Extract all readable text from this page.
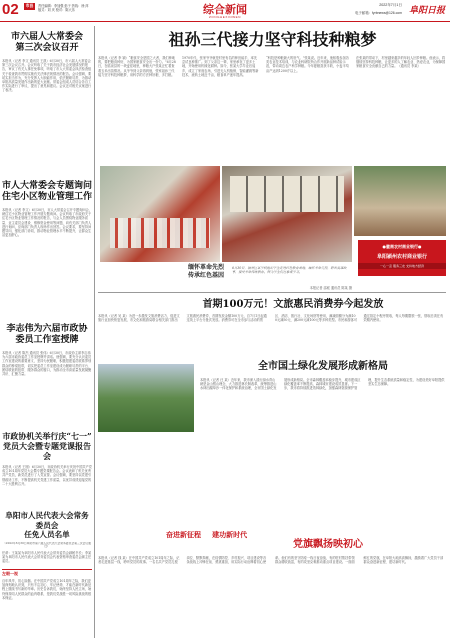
02	市县	责任编辑：李加强 彭子 热线：徐 萍
版式：刘 庆 校对：陈大乐	综合新闻
ZONGHEXINWEN
2022年7月1日
电子邮箱：fyrbnews@126.com 阜阳日报
市六届人大常委会
第三次会议召开
本报讯（记者 李文 通讯员 王凯）6月30日，市六届人大常委会第三次会议召开。会议听取了关于我市经济社会发展情况的报告，审议了有关人事任免事项，听取了市人大常委会执法检查组关于检查我市贯彻实施有关法律法规情况的报告。会议强调，要切实担当作为，充分发挥人大职能作用，依法履职尽责，为推动阜阳高质量发展作出新的更大贡献。常委会组成人员结合各自工作实际进行了审议，提出了意见和建议。会议还对相关议案进行了表决。
市人大常委会专题询问
住宅小区物业管理工作
本报讯（记者 李文）6月30日，市人大常委会召开专题询问会，就住宅小区物业管理工作开展专题询问。会议听取了市政府关于住宅小区物业管理工作情况的报告，与会人员围绕物业服务质量、业主委员会建设、维修资金使用等问题，向有关部门负责人进行询问，应询部门负责人现场作出回答。会议要求，要坚持问题导向，强化部门协同，推动物业管理水平不断提升，让群众生活更加舒心。
李志伟为六届市政协
委员工作室授牌
本报讯（记者 陈杰 通讯员 张伟）6月30日，市政协主席李志伟为六届市政协委员工作室授牌并讲话。他强调，要充分认识委员工作室建设的重要意义，坚持为民履职，积极搭建委员联系界别群众的桥梁纽带，切实把委员工作室建设成为履职尽责的平台、团结联谊的纽带、服务群众的窗口，为推动全市高质量发展凝聚共识、汇聚力量。
市政协机关举行庆“七一”
党员大会暨专题党课报告会
本报讯（记者 王刚）6月30日，市政协机关举行庆祝中国共产党成立101周年党员大会暨专题党课报告会。会议表彰了机关优秀共产党员，新党员进行了入党宣誓。会议强调，要坚持以党建引领政协工作，不断提高机关党建工作质量，以优异成绩迎接党的二十大胜利召开。
阜阳市人民代表大会常务委员会
任免人员名单
（2022年6月30日阜阳市第六届人民代表大会常务委员会第三次会议通过）
任命：王某某为阜阳市人民代表大会常务委员会副秘书长；李某某为阜阳市人民代表大会常务委员会代表资格审查委员会副主任委员。
左眼一视
百年风华，初心如磐。在中国共产党成立101周年之际，我们更加深刻地认识到，只有不忘初心、牢记使命，才能在新时代新征程上继续书写新的华章。历史告诉我们，始终坚持人民立场，始终保持同人民群众的血肉联系，是我们党战胜一切风险挑战的根本保证。
祖孙三代接力坚守科技种粮梦
本报讯（记者 李 颖）“粮食安全是国之大者，我们种地的，要把粮食种好，为国家粮食安全出一份力。”6月28日，在临泉县的一块麦茬地里，种粮大户张某正忙着查看玉米出苗情况。从爷爷到父亲再到他，张家祖孙三代接力坚守科技种粮梦，用科学的方法种好粮、多打粮。
1970年代，张家爷爷就是村里有名的种田能手，率先尝试良种推广。到了父亲这一辈，家里承包了更多土地，开始使用机械化耕种。如今，张某大学毕业后返乡，成立了家庭农场，引进无人机植保、智能灌溉等新技术，流转土地近千亩，粮食单产逐年提高。
“科技是种粮最大的底气。”张某说。近年来，他积极参加各类农业技术培训，与农业科研院所合作开展新品种试验示范，带动周边农户科学种粮。今年夏粮喜获丰收，小麦平均亩产达到1200斤以上。
在张某的带动下，村里越来越多的年轻人回乡种粮。他表示，将继续坚持科技种粮，让更多的人了解农业、热爱农业，为保障国家粮食安全贡献自己的力量。（通讯员 李某）
缅怀革命先烈
传承红色基因
6月30日，颍州区某学校组织学生走进红色教育基地，缅怀革命先烈，聆听英雄故事，接受革命传统教育。图为学生们在参观学习。
本报记者 邵庭 通讯员 陈某 摄
●徽商农村商业银行●
阜阳颍州农村商业银行
一心一意 服务三农 支持地方经济
首期100万元！文旅惠民消费券今起发放
本报讯（记者 吴 某）为进一步激发文旅消费活力，促进文旅行业加快恢复发展，市文化和旅游局联合相关部门推出文旅惠民消费券，首期发放金额100万元，自7月1日起通过线上平台分批次发放。消费券可在全市参与活动的景区、酒店、旅行社、文化场馆等使用，满减面额分为满100元减50元、满200元减100元等多种类型。市民和游客可通过指定小程序领取，每人每期限领一张，领取后须在有效期内使用。
全市国土绿化发展形成新格局
本报讯（记者 汪 某）近年来，我市深入践行绿水青山就是金山银山理念，大力推进林长制改革，统筹推进山水林田湖草沙一体化保护和系统治理，全市国土绿化发展形成新格局。全市森林覆盖率稳步提升，城市建成区绿化覆盖率不断提高，森林城市建设成效显著。下一步，我市将持续推进造林绿化，加强森林资源保护管理，提升生态系统质量和稳定性，为建设美好阜阳提供坚实生态保障。
奋进新征程 建功新时代
党旗飘扬映初心
本报讯（记者 钱 某）在中国共产党成立101周年之际，记者走进基层一线，聆听党员的故事。一名名共产党员扎根岗位、默默奉献，在疫情防控、乡村振兴、项目建设等各条战线上冲锋在前、勇挑重担，用实际行动诠释着初心使命。他们有的坚守防疫一线日夜奋战，有的驻村帮扶带领群众增收致富，有的攻坚克难推动重点项目建设。一面面鲜红的党旗，在阜阳大地高高飘扬，激励着广大党员干部群众奋进新征程、建功新时代。
